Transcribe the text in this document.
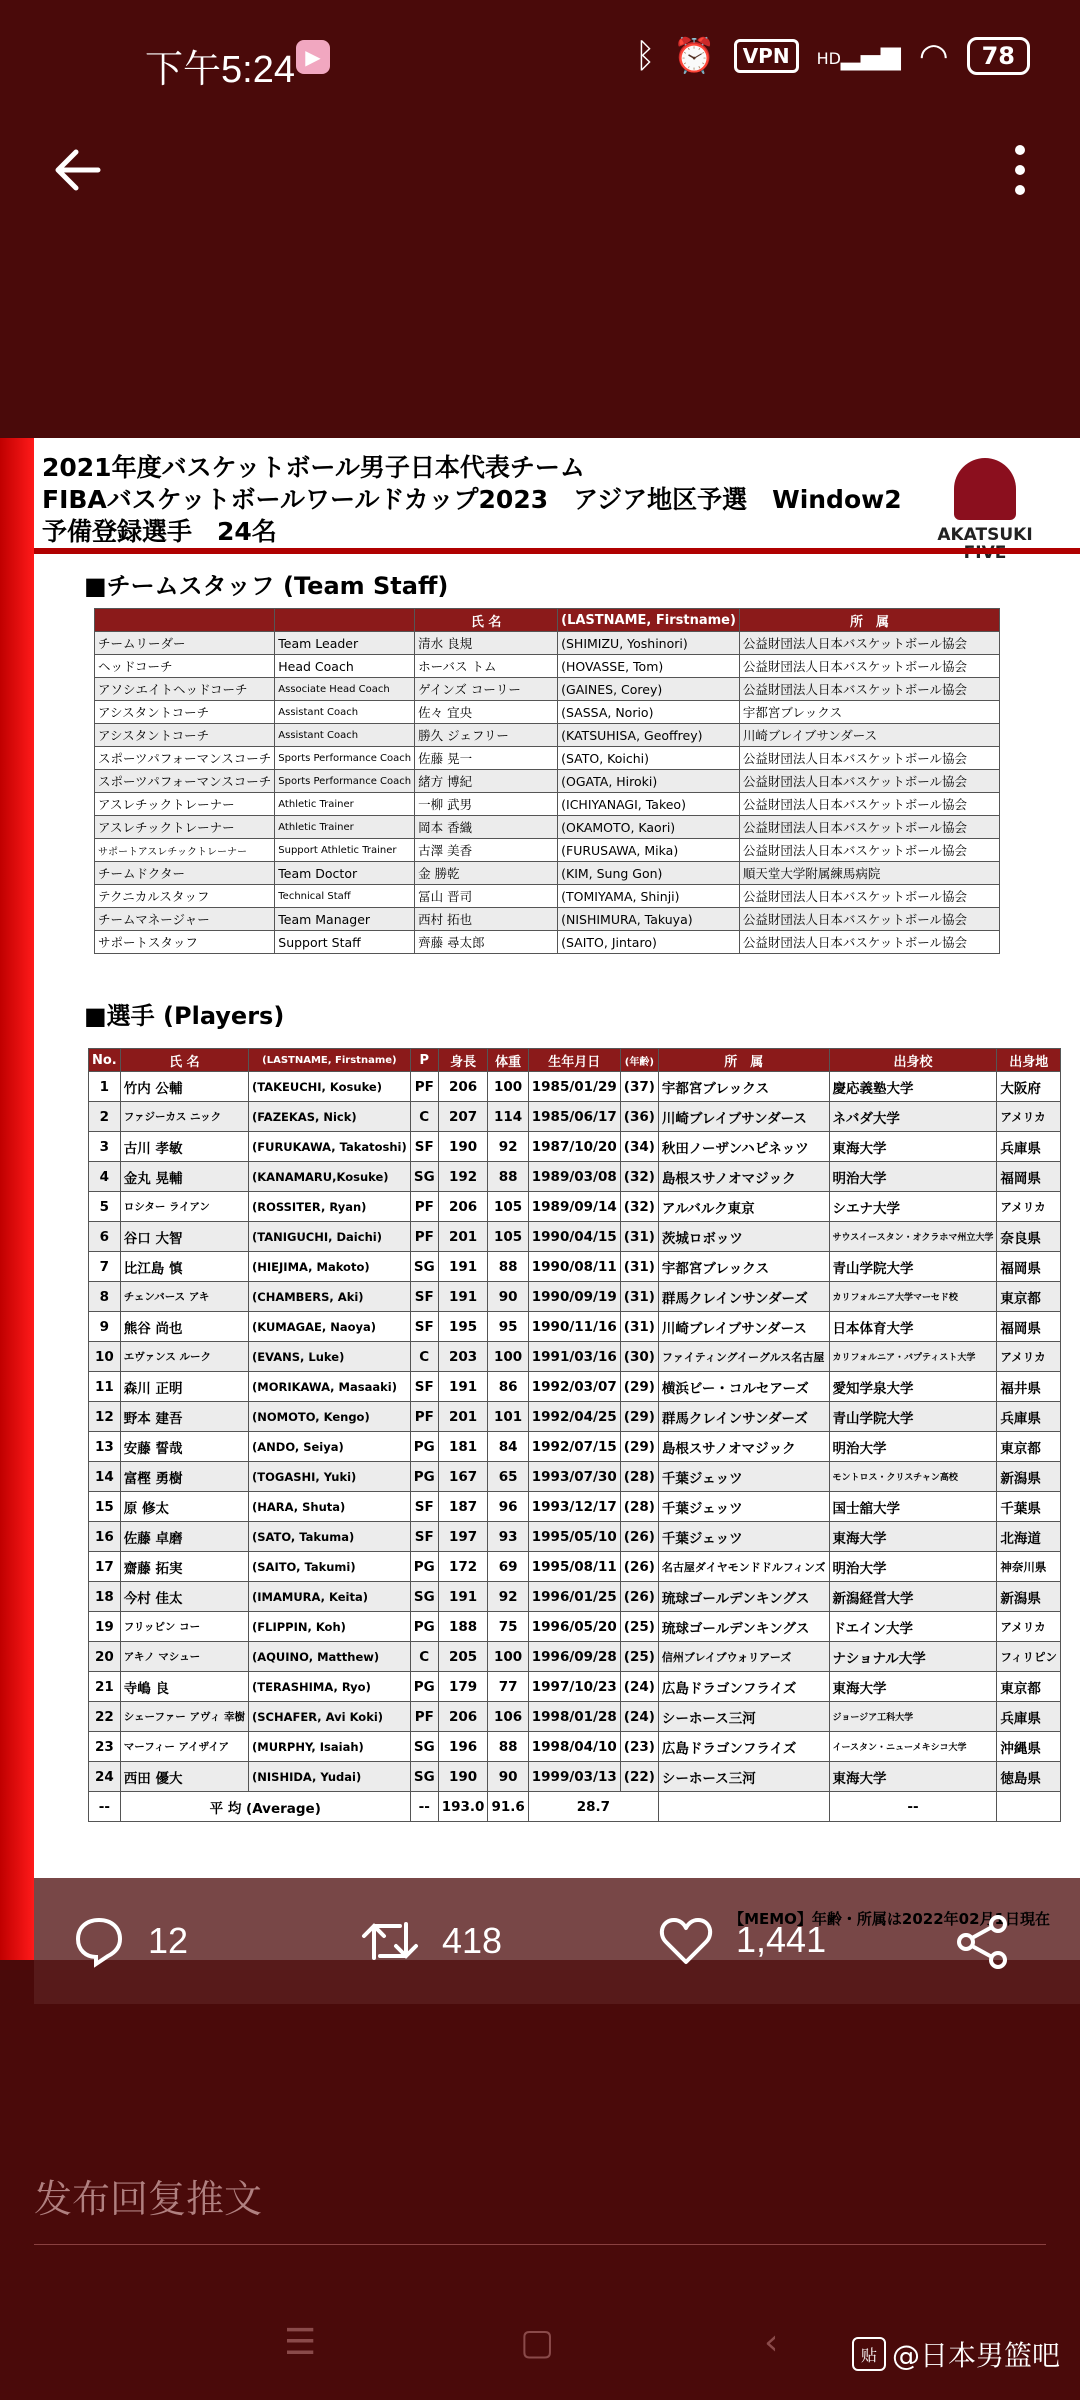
下午5:24 ▶	ᛒ ⏰	VPN	HD▂▄▆ ◠	78
2021年度バスケットボール男子日本代表チーム
FIBAバスケットボールワールドカップ2023　アジア地区予選　Window2
予備登録選手　24名	AKATSUKI
■チームスタッフ (Team Staff)
		氏 名	(LASTNAME, Firstname)	所　属
チームリーダー	Team Leader	清水 良規	(SHIMIZU, Yoshinori)	公益財団法人日本バスケットボール協会
ヘッドコーチ	Head Coach	ホーバス トム	(HOVASSE, Tom)	公益財団法人日本バスケットボール協会
アソシエイトヘッドコーチ	Associate Head Coach	ゲインズ コーリー	(GAINES, Corey)	公益財団法人日本バスケットボール協会
アシスタントコーチ	Assistant Coach	佐々 宜央	(SASSA, Norio)	宇都宮ブレックス
アシスタントコーチ	Assistant Coach	勝久 ジェフリー	(KATSUHISA, Geoffrey)	川崎ブレイブサンダース
スポーツパフォーマンスコーチ	Sports Performance Coach	佐藤 晃一	(SATO, Koichi)	公益財団法人日本バスケットボール協会
スポーツパフォーマンスコーチ	Sports Performance Coach	緒方 博紀	(OGATA, Hiroki)	公益財団法人日本バスケットボール協会
アスレチックトレーナー	Athletic Trainer	一柳 武男	(ICHIYANAGI, Takeo)	公益財団法人日本バスケットボール協会
アスレチックトレーナー	Athletic Trainer	岡本 香織	(OKAMOTO, Kaori)	公益財団法人日本バスケットボール協会
サポートアスレチックトレーナー	Support Athletic Trainer	古澤 美香	(FURUSAWA, Mika)	公益財団法人日本バスケットボール協会
チームドクター	Team Doctor	金 勝乾	(KIM, Sung Gon)	順天堂大学附属練馬病院
テクニカルスタッフ	Technical Staff	冨山 晋司	(TOMIYAMA, Shinji)	公益財団法人日本バスケットボール協会
チームマネージャー	Team Manager	西村 拓也	(NISHIMURA, Takuya)	公益財団法人日本バスケットボール協会
サポートスタッフ	Support Staff	齊藤 尋太郎	(SAITO, Jintaro)	公益財団法人日本バスケットボール協会
■選手 (Players)
No.	氏 名	(LASTNAME, Firstname)	P	身長	体重	生年月日	(年齢)	所　属	出身校	出身地
1	竹内 公輔	(TAKEUCHI, Kosuke)	PF	206	100	1985/01/29	(37)	宇都宮ブレックス	慶応義塾大学	大阪府
2	ファジーカス ニック	(FAZEKAS, Nick)	C	207	114	1985/06/17	(36)	川崎ブレイブサンダース	ネバダ大学	アメリカ
3	古川 孝敏	(FURUKAWA, Takatoshi)	SF	190	92	1987/10/20	(34)	秋田ノーザンハピネッツ	東海大学	兵庫県
4	金丸 晃輔	(KANAMARU,Kosuke)	SG	192	88	1989/03/08	(32)	島根スサノオマジック	明治大学	福岡県
5	ロシター ライアン	(ROSSITER, Ryan)	PF	206	105	1989/09/14	(32)	アルバルク東京	シエナ大学	アメリカ
6	谷口 大智	(TANIGUCHI, Daichi)	PF	201	105	1990/04/15	(31)	茨城ロボッツ	サウスイースタン・オクラホマ州立大学	奈良県
7	比江島 慎	(HIEJIMA, Makoto)	SG	191	88	1990/08/11	(31)	宇都宮ブレックス	青山学院大学	福岡県
8	チェンバース アキ	(CHAMBERS, Aki)	SF	191	90	1990/09/19	(31)	群馬クレインサンダーズ	カリフォルニア大学マーセド校	東京都
9	熊谷 尚也	(KUMAGAE, Naoya)	SF	195	95	1990/11/16	(31)	川崎ブレイブサンダース	日本体育大学	福岡県
10	エヴァンス ルーク	(EVANS, Luke)	C	203	100	1991/03/16	(30)	ファイティングイーグルス名古屋	カリフォルニア・バプティスト大学	アメリカ
11	森川 正明	(MORIKAWA, Masaaki)	SF	191	86	1992/03/07	(29)	横浜ビー・コルセアーズ	愛知学泉大学	福井県
12	野本 建吾	(NOMOTO, Kengo)	PF	201	101	1992/04/25	(29)	群馬クレインサンダーズ	青山学院大学	兵庫県
13	安藤 誓哉	(ANDO, Seiya)	PG	181	84	1992/07/15	(29)	島根スサノオマジック	明治大学	東京都
14	富樫 勇樹	(TOGASHI, Yuki)	PG	167	65	1993/07/30	(28)	千葉ジェッツ	モントロス・クリスチャン高校	新潟県
15	原 修太	(HARA, Shuta)	SF	187	96	1993/12/17	(28)	千葉ジェッツ	国士舘大学	千葉県
16	佐藤 卓磨	(SATO, Takuma)	SF	197	93	1995/05/10	(26)	千葉ジェッツ	東海大学	北海道
17	齋藤 拓実	(SAITO, Takumi)	PG	172	69	1995/08/11	(26)	名古屋ダイヤモンドドルフィンズ	明治大学	神奈川県
18	今村 佳太	(IMAMURA, Keita)	SG	191	92	1996/01/25	(26)	琉球ゴールデンキングス	新潟経営大学	新潟県
19	フリッピン コー	(FLIPPIN, Koh)	PG	188	75	1996/05/20	(25)	琉球ゴールデンキングス	ドエイン大学	アメリカ
20	アキノ マシュー	(AQUINO, Matthew)	C	205	100	1996/09/28	(25)	信州ブレイブウォリアーズ	ナショナル大学	フィリピン
21	寺嶋 良	(TERASHIMA, Ryo)	PG	179	77	1997/10/23	(24)	広島ドラゴンフライズ	東海大学	東京都
22	シェーファー アヴィ 幸樹	(SCHAFER, Avi Koki)	PF	206	106	1998/01/28	(24)	シーホース三河	ジョージア工科大学	兵庫県
23	マーフィー アイザイア	(MURPHY, Isaiah)	SG	196	88	1998/04/10	(23)	広島ドラゴンフライズ	イースタン・ニューメキシコ大学	沖縄県
24	西田 優大	(NISHIDA, Yudai)	SG	190	90	1999/03/13	(22)	シーホース三河	東海大学	徳島県
--	平 均 (Average)		--	193.0	91.6	28.7			--	
【MEMO】年齢・所属は2022年02月1日現在
12	418	1,441
发布回复推文
☰	▢	‹	贴 @日本男篮吧
